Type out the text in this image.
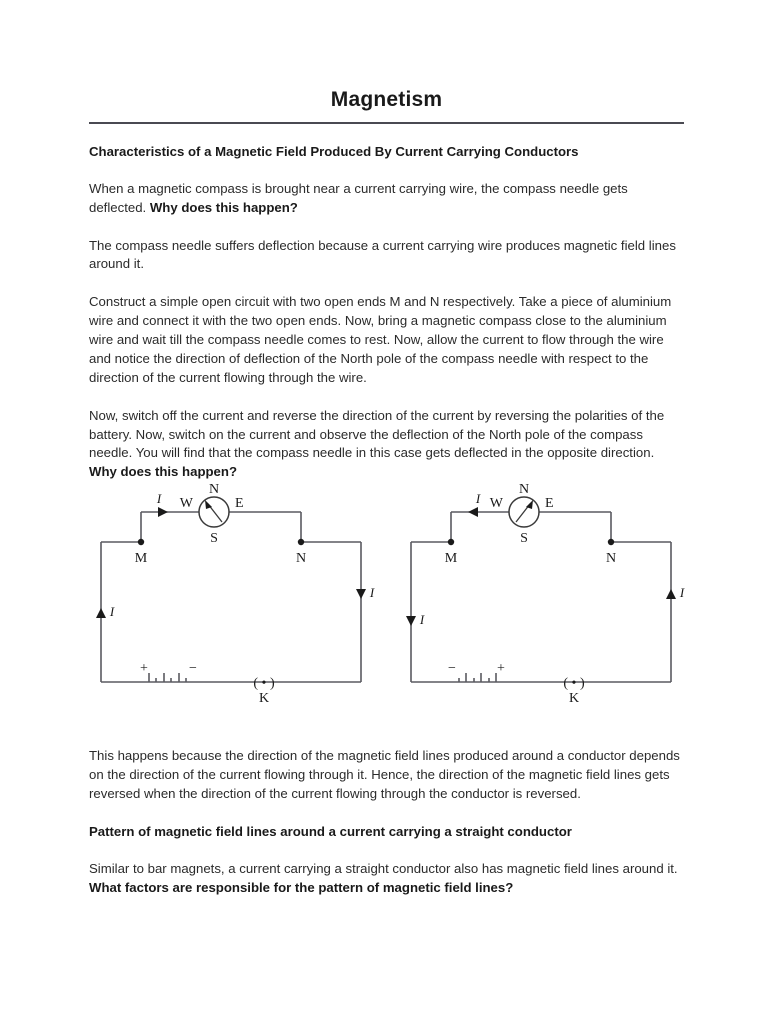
Magnetism
Characteristics of a Magnetic Field Produced By Current Carrying Conductors

When a magnetic compass is brought near a current carrying wire, the compass needle gets deflected. Why does this happen?

The compass needle suffers deflection because a current carrying wire produces magnetic field lines around it.

Construct a simple open circuit with two open ends M and N respectively. Take a piece of aluminium wire and connect it with the two open ends. Now, bring a magnetic compass close to the aluminium wire and wait till the compass needle comes to rest. Now, allow the current to flow through the wire and notice the direction of deflection of the North pole of the compass needle with respect to the direction of the current flowing through the wire.

Now, switch off the current and reverse the direction of the current by reversing the polarities of the battery. Now, switch on the current and observe the deflection of the North pole of the compass needle. You will find that the compass needle in this case gets deflected in the opposite direction. Why does this happen?

M	N
I
I
I
N
S
E
W
+	−
( • )
K
M	N
I
I
I
N
S
E
W
−	+
( • )
K

This happens because the direction of the magnetic field lines produced around a conductor depends on the direction of the current flowing through it. Hence, the direction of the magnetic field lines gets reversed when the direction of the current flowing through the conductor is reversed.

Pattern of magnetic field lines around a current carrying a straight conductor

Similar to bar magnets, a current carrying a straight conductor also has magnetic field lines around it. What factors are responsible for the pattern of magnetic field lines?
